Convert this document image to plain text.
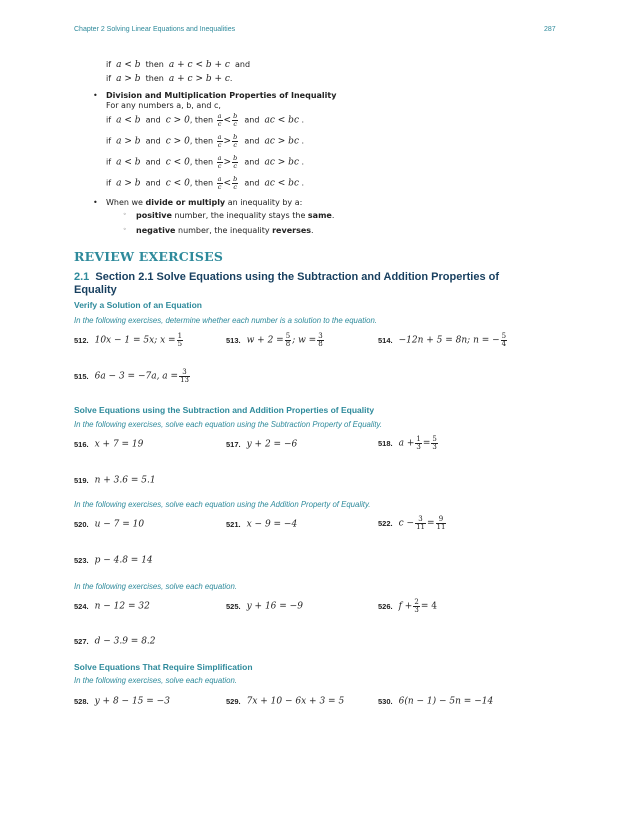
Chapter 2 Solving Linear Equations and Inequalities	287
if a < b then a + c < b + c and
if a > b then a + c > b + c.
• Division and Multiplication Properties of Inequality
For any numbers a, b, and c,
if a < b and c > 0, then $\frac{a}{c} < \frac{b}{c}$ and ac < bc .
if a > b and c > 0, then $\frac{a}{c} > \frac{b}{c}$ and ac > bc .
if a < b and c < 0, then $\frac{a}{c} > \frac{b}{c}$ and ac > bc .
if a > b and c < 0, then $\frac{a}{c} < \frac{b}{c}$ and ac < bc .
• When we divide or multiply an inequality by a:
◦ positive number, the inequality stays the same.
◦ negative number, the inequality reverses.
REVIEW EXERCISES
2.1 Section 2.1 Solve Equations using the Subtraction and Addition Properties of
Equality
Verify a Solution of an Equation
In the following exercises, determine whether each number is a solution to the equation.
512. 10x − 1 = 5x; $x = \frac{1}{5}$	513. $w + 2 = \frac{5}{8}$ ; $w = \frac{3}{8}$	514. −12n + 5 = 8n; n = − $\frac{5}{4}$
515. 6a − 3 = −7a, $a = \frac{3}{13}$
Solve Equations using the Subtraction and Addition Properties of Equality
In the following exercises, solve each equation using the Subtraction Property of Equality.
516. x + 7 = 19	517. y + 2 = −6	518. $a + \frac{1}{3} = \frac{5}{3}$
519. n + 3.6 = 5.1
In the following exercises, solve each equation using the Addition Property of Equality.
520. u − 7 = 10	521. x − 9 = −4	522. $c - \frac{3}{11} = \frac{9}{11}$
523. p − 4.8 = 14
In the following exercises, solve each equation.
524. n − 12 = 32	525. y + 16 = −9	526. $f + \frac{2}{3} = 4$
527. d − 3.9 = 8.2
Solve Equations That Require Simplification
In the following exercises, solve each equation.
528. y + 8 − 15 = −3	529. 7x + 10 − 6x + 3 = 5	530. 6(n − 1) − 5n = −14
